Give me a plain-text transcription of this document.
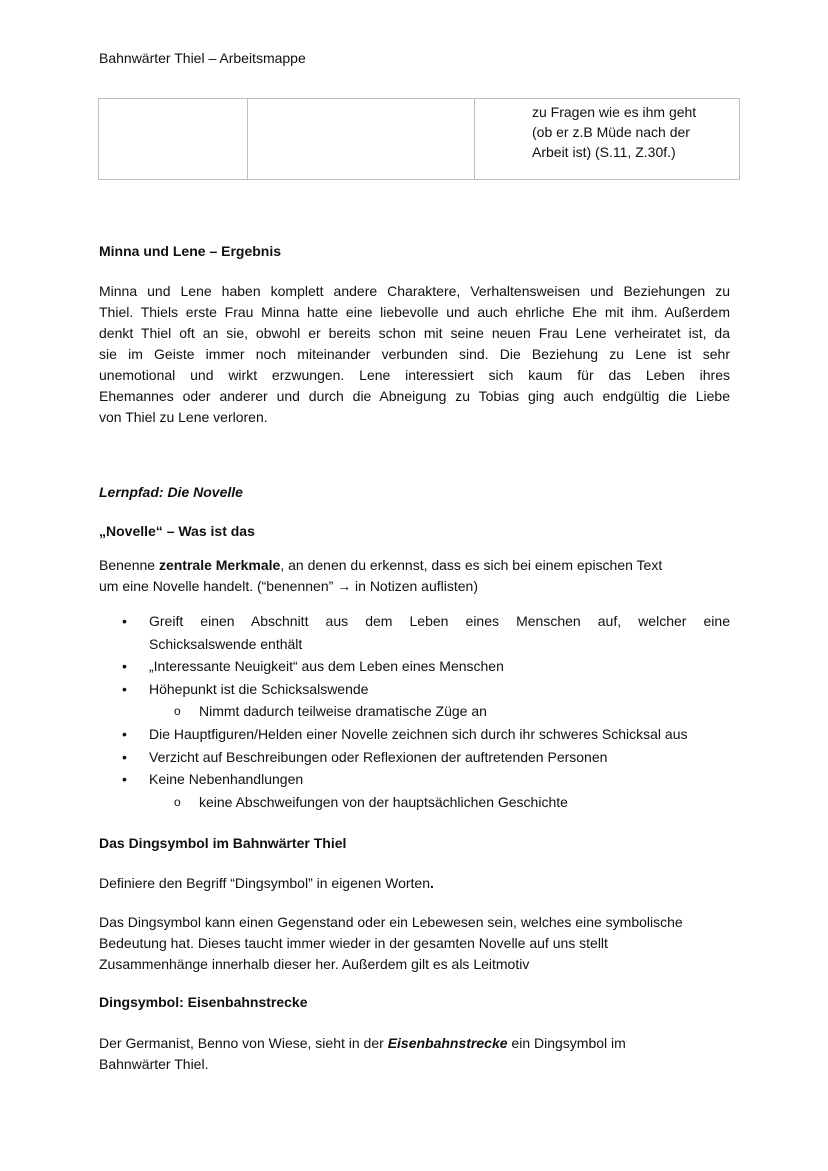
Bahnwärter Thiel – Arbeitsmappe

zu Fragen wie es ihm geht
(ob er z.B Müde nach der
Arbeit ist) (S.11, Z.30f.)
Minna und Lene – Ergebnis
Minna und Lene haben komplett andere Charaktere, Verhaltensweisen und Beziehungen zu
Thiel. Thiels erste Frau Minna hatte eine liebevolle und auch ehrliche Ehe mit ihm. Außerdem
denkt Thiel oft an sie, obwohl er bereits schon mit seine neuen Frau Lene verheiratet ist, da
sie im Geiste immer noch miteinander verbunden sind. Die Beziehung zu Lene ist sehr
unemotional und wirkt erzwungen. Lene interessiert sich kaum für das Leben ihres
Ehemannes oder anderer und durch die Abneigung zu Tobias ging auch endgültig die Liebe
von Thiel zu Lene verloren.
Lernpfad: Die Novelle
„Novelle“ – Was ist das
Benenne zentrale Merkmale, an denen du erkennst, dass es sich bei einem epischen Text
um eine Novelle handelt. (“benennen” → in Notizen auflisten)
• Greift einen Abschnitt aus dem Leben eines Menschen auf, welcher eine
Schicksalswende enthält
• „Interessante Neuigkeit“ aus dem Leben eines Menschen
• Höhepunkt ist die Schicksalswende
o Nimmt dadurch teilweise dramatische Züge an
• Die Hauptfiguren/Helden einer Novelle zeichnen sich durch ihr schweres Schicksal aus
• Verzicht auf Beschreibungen oder Reflexionen der auftretenden Personen
• Keine Nebenhandlungen
o keine Abschweifungen von der hauptsächlichen Geschichte
Das Dingsymbol im Bahnwärter Thiel
Definiere den Begriff “Dingsymbol” in eigenen Worten.
Das Dingsymbol kann einen Gegenstand oder ein Lebewesen sein, welches eine symbolische
Bedeutung hat. Dieses taucht immer wieder in der gesamten Novelle auf uns stellt
Zusammenhänge innerhalb dieser her. Außerdem gilt es als Leitmotiv
Dingsymbol: Eisenbahnstrecke
Der Germanist, Benno von Wiese, sieht in der Eisenbahnstrecke ein Dingsymbol im
Bahnwärter Thiel.
